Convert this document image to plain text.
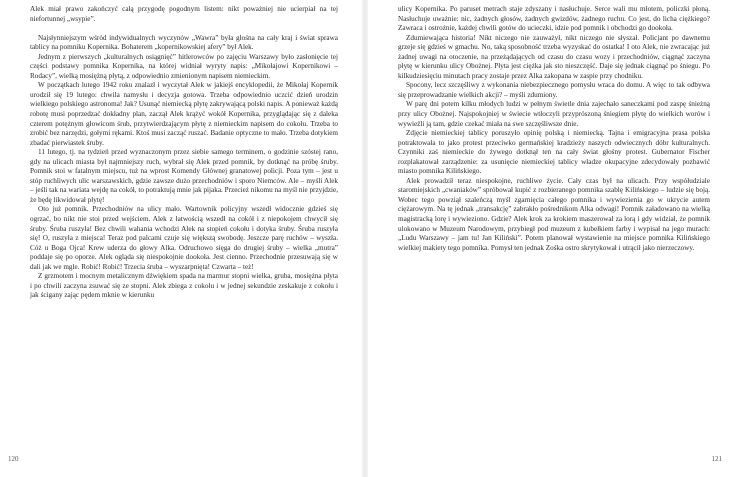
Alek miał prawo zakończyć całą przygodę pogodnym listem: nikt poważniej nie ucierpiał na tej niefortunnej „wsypie”.

Najsłynniejszym wśród indywidualnych wyczynów „Wawra” była głośna na cały kraj i świat sprawa tablicy na pomniku Kopernika. Bohaterem „kopernikowskiej afery” był Alek.

Jednym z pierwszych „kulturalnych osiągnięć” hitlerowców po zajęciu Warszawy było zasłonięcie tej części podstawy pomnika Kopernika, na której widniał wyryty napis: „Mikołajowi Kopernikowi – Rodacy”, wielką mosiężną płytą, z odpowiednio zmienionym napisem niemieckim.

W początkach lutego 1942 roku znalazł i wyczytał Alek w jakiejś encyklopedii, że Mikołaj Kopernik urodził się 19 lutego: chwila namysłu i decyzja gotowa. Trzeba odpowiednio uczcić dzień urodzin wielkiego polskiego astronoma! Jak? Usunąć niemiecką płytę zakrywającą polski napis. A ponieważ każdą robotę musi poprzedzać dokładny plan, zaczął Alek krążyć wokół Kopernika, przyglądając się z daleka czterem potężnym głowicom śrub, przytwierdzającym płytę z niemieckim napisem do cokołu. Trzeba to zrobić bez narzędzi, gołymi rękami. Ktoś musi zacząć ruszać. Badanie optyczne to mało. Trzeba dotykiem zbadać pierwiastek śruby.

11 lutego, tj. na tydzień przed wyznaczonym przez siebie samego terminem, o godzinie szóstej rano, gdy na ulicach miasta był najmniejszy ruch, wybrał się Alek przed pomnik, by dotknąć na próbę śruby. Pomnik stoi w fatalnym miejscu, tuż na wprost Komendy Głównej granatowej policji. Poza tym – jest u stóp ruchliwych ulic warszawskich, gdzie zawsze dużo przechodniów i sporo Niemców. Ale – myśli Alek – jeśli tak na wariata wejdę na cokół, to potraktują mnie jak pijaka. Przecież nikomu na myśl nie przyjdzie, że będę likwidował płytę!

Oto już pomnik. Przechodniów na ulicy mało. Wartownik policyjny wszedł widocznie gdzieś się ogrzać, bo nikt nie stoi przed wejściem. Alek z łatwością wszedł na cokół i z niepokojem chwycił się śruby. Śruba ruszyła! Bez chwili wahania wchodzi Alek na stopień cokołu i dotyka śruby. Śruba ruszyła się! O, ruszyła z miejsca! Teraz pod palcami czuje się większą swobodę. Jeszcze parę ruchów – wyszła. Cóż u Boga Ojca! Krew uderza do głowy Alka. Odruchowo sięga do drugiej śruby – wielka „mutra” poddaje się po oporze. Alek ogląda się niespokojnie dookoła. Jest cienno. Przechodnie przesuwają się w dali jak we mgle. Robić! Robić! Trzecia śruba – wyszarpnięta! Czwarta – też!

Z grzmotem i mocnym metalicznym dźwiękiem spada na marmur stopni wielka, gruba, mosiężna płyta i po chwili zaczyna zsuwać się ze stopni. Alek zbiega z cokołu i w jednej sekundzie zeskakuje z cokołu i jak ścigany zając pędem mknie w kierunku

120

ulicy Kopernika. Po paruset metrach staje zdyszany i nasłuchuje. Serce wali mu młotem, policzki płoną. Nasłuchuje uważnie: nic, żadnych głosów, żadnych gwizdów, żadnego ruchu. Co jest, do licha ciężkiego? Zawraca i ostrożnie, każdej chwili gotów do ucieczki, idzie pod pomnik i obchodzi go dookoła.

Zdumiewająca historia! Nikt niczego nie zauważył, nikt niczego nie słyszał. Policjant po dawnemu grzeje się gdzieś w gmachu. No, taką sposobność trzeba wyzyskać do ostatka! I oto Alek, nie zwracając już żadnej uwagi na otoczenie, na przeżądających od czasu do czasu wozy i przechodniów, ciągnąć zaczyna płytę w kierunku ulicy Obożnej. Płyta jest ciężka jak sto nieszczęść. Daje się jednak ciągnąć po śniegu. Po kilkudziesięciu minutach pracy zostaje przez Alka zakopana w zaspie przy chodniku.

Spocony, lecz szczęśliwy z wykonania niebezpiecznego pomysłu wraca do domu. A więc to tak odbywa się przeprowadzanie wielkich akcji? – myśli zdumiony.

W parę dni potem kilku młodych ludzi w pełnym świetle dnia zajechało saneczkami pod zaspę śnieżną przy ulicy Obożnej. Najspokojniej w świecie wtłoczyli przyprószoną śniegiem płytę do wielkich worów i wywieźli ją tam, gdzie czekać miała na swe szczęśliwsze dnie.

Zdjęcie niemieckiej tablicy poruszyło opinię polską i niemiecką. Tajna i emigracyjna prasa polska potraktowała to jako protest przeciwko germańskiej kradzieży naszych odwiecznych dóbr kulturalnych. Czynniki zaś niemieckie do żywego dotknął ten na cały świat głośny protest. Gubernator Fischer rozplakatował zarządzenie: za usunięcie niemieckiej tablicy władze okupacyjne zdecydowały pozbawić miasto pomnika Kilińskiego.

Alek prowadził teraz niespokojne, ruchliwe życie. Cały czas był na ulicach. Przy współudziale staromiejskich „cwaniaków” spróbował kupić z rozbieranego pomnika szablę Kilińskiego – ludzie się boją. Wobec tego powziął szaleńczą myśl zgarnięcia całego pomnika i wywiezienia go w ukrycie autem ciężarowym. Na tę jednak „transakcję” zabrakło pośrednikom Alka odwagi! Pomnik załadowano na wielką magistracką lorę i wywieziono. Gdzie? Alek krok za krokiem maszerował za lorą i gdy widział, że pomnik ulokowano w Muzeum Narodowym, przybiegł pod muzeum z kubełkiem farby i wypisał na jego murach: „Ludu Warszawy – jam tu! Jan Kiliński”. Potem planował wystawienie na miejsce pomnika Kilińskiego wielkiej makiety tego pomnika. Pomysł ten jednak Zośka ostro skrytykował i utrącił jako nierzeczowy.

121
